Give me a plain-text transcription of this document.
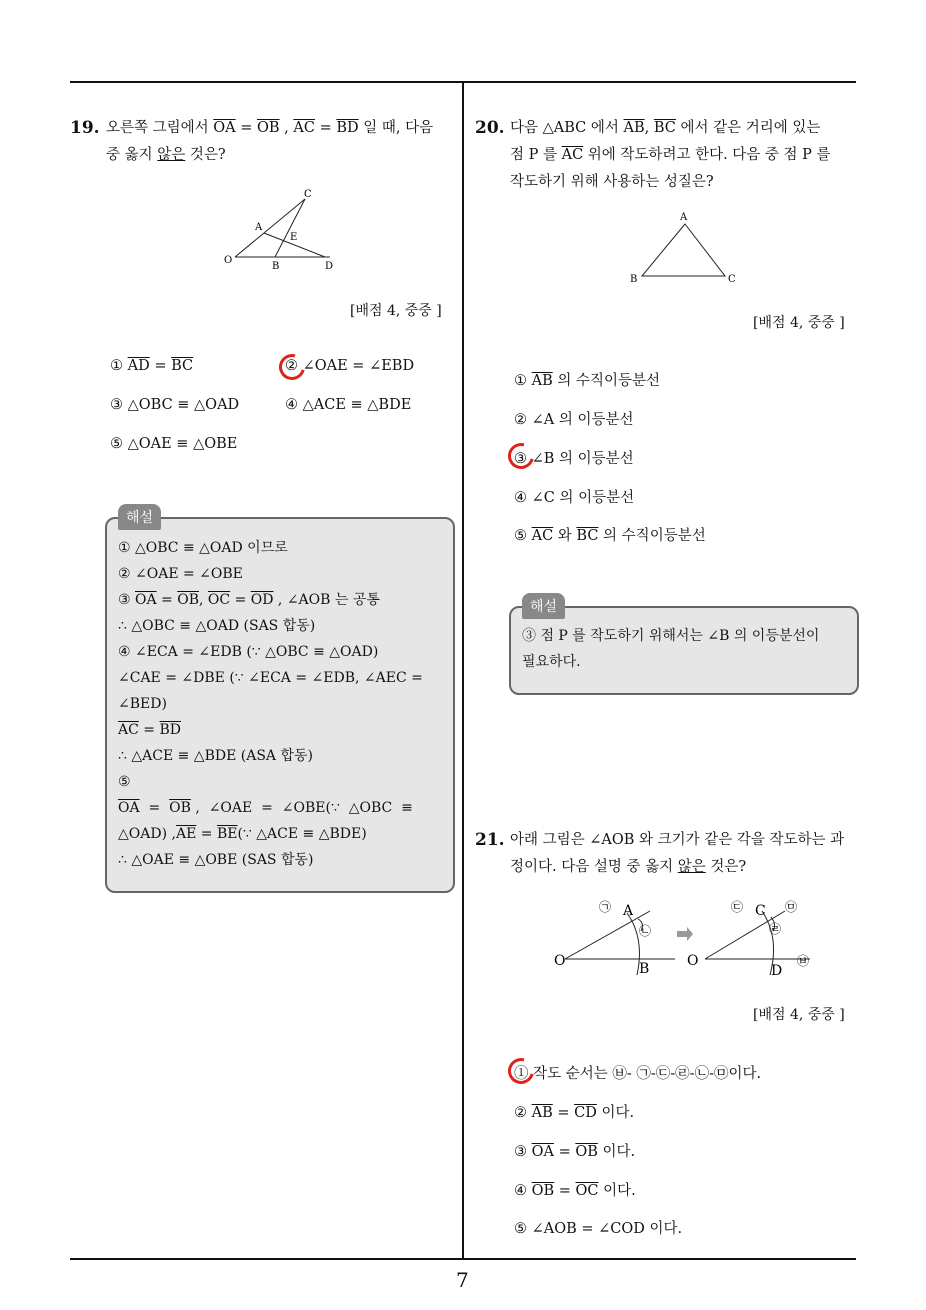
7
19. 오른쪽 그림에서 $\overline{OA} = \overline{OB}$ , $\overline{AC} = \overline{BD}$ 일 때, 다음
중 옳지 않은 것은?
C
A
E
O
B	D
[배점 4, 중중 ]
① $\overline{AD} = \overline{BC}$	② ∠OAE = ∠EBD
③ △OBC ≡ △OAD	④ △ACE ≡ △BDE
⑤ △OAE ≡ △OBE
해설
① △OBC ≡ △OAD 이므로
② ∠OAE = ∠OBE
③ $\overline{OA} = \overline{OB}$, $\overline{OC} = \overline{OD}$ , ∠AOB 는 공통
∴ △OBC ≡ △OAD (SAS 합동)
④ ∠ECA = ∠EDB (∵ △OBC ≡ △OAD)
∠CAE = ∠DBE (∵ ∠ECA = ∠EDB, ∠AEC =
∠BED)
$\overline{AC} = \overline{BD}$
∴ △ACE ≡ △BDE (ASA 합동)
⑤
$\overline{OA} = \overline{OB}$ ,  ∠OAE  =  ∠OBE(∵  △OBC  ≡
△OAD) $,\overline{AE}$ = $\overline{BE}(\because$ △ACE ≡ △BDE)
∴ △OAE ≡ △OBE (SAS 합동)
20. 다음 △ABC 에서 $\overline{AB}$, $\overline{BC}$ 에서 같은 거리에 있는
점 P 를 $\overline{AC}$ 위에 작도하려고 한다. 다음 중 점 P 를
작도하기 위해 사용하는 성질은?
A
B	C
[배점 4, 중중 ]
① $\overline{AB}$ 의 수직이등분선
② ∠A 의 이등분선
③ ∠B 의 이등분선
④ ∠C 의 이등분선
⑤ $\overline{AC}$ 와 $\overline{BC}$ 의 수직이등분선
해설
③ 점 P 를 작도하기 위해서는 ∠B 의 이등분선이
필요하다.
21. 아래 그림은 ∠AOB 와 크기가 같은 각을 작도하는 과
정이다. 다음 설명 중 옳지 않은 것은?
㉠ A
㉡
O	B
㉢ C ㉤
㉣
O
D
㉥
[배점 4, 중중 ]
① 작도 순서는 ㉥- ㉠-㉢-㉣-㉡-㉤이다.
② $\overline{AB} = \overline{CD}$ 이다.
③ $\overline{OA} = \overline{OB}$ 이다.
④ $\overline{OB} = \overline{OC}$ 이다.
⑤ ∠AOB = ∠COD 이다.
